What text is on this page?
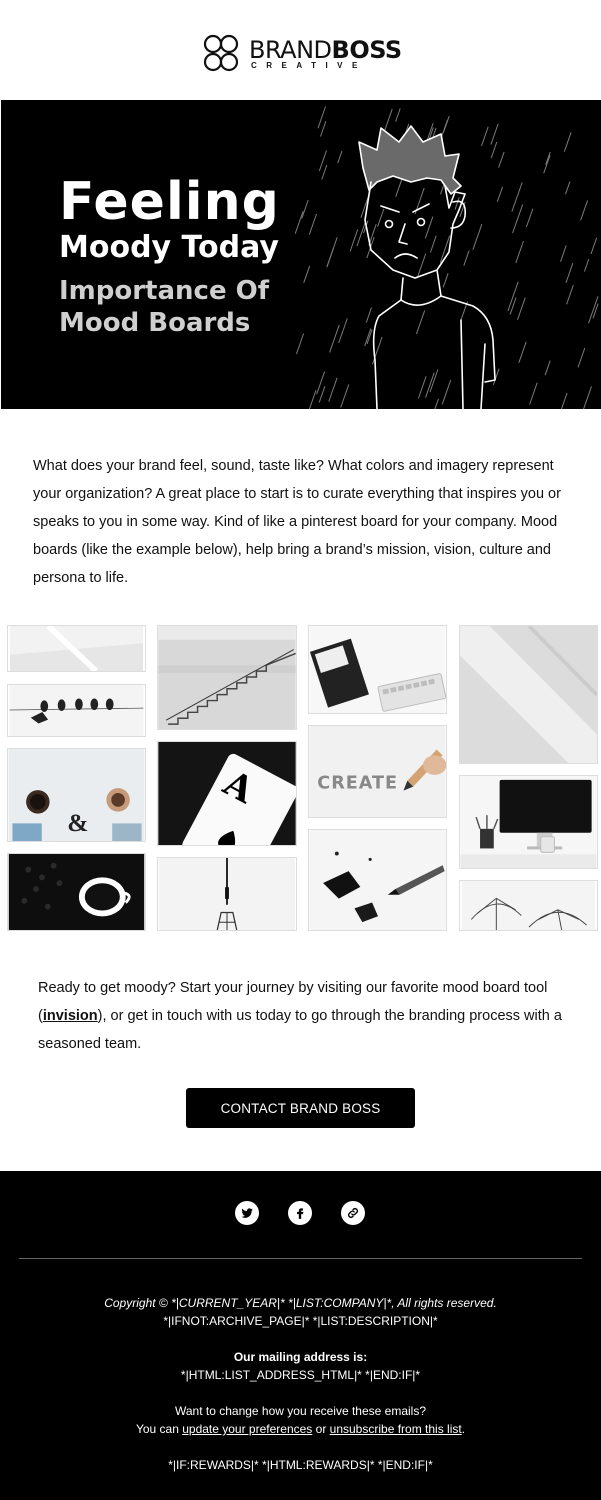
BRANDBOSS
CREATIVE
Feeling
Moody Today
Importance Of Mood Boards

What does your brand feel, sound, taste like? What colors and imagery represent your organization? A great place to start is to curate everything that inspires you or speaks to you in some way. Kind of like a pinterest board for your company. Mood boards (like the example below), help bring a brand’s mission, vision, culture and persona to life.

&
A	CREATE

Ready to get moody? Start your journey by visiting our favorite mood board tool (invision), or get in touch with us today to go through the branding process with a seasoned team.

CONTACT BRAND BOSS
Copyright © *|CURRENT_YEAR|* *|LIST:COMPANY|*, All rights reserved.
*|IFNOT:ARCHIVE_PAGE|* *|LIST:DESCRIPTION|*
Our mailing address is:
*|HTML:LIST_ADDRESS_HTML|* *|END:IF|*
Want to change how you receive these emails?
You can update your preferences or unsubscribe from this list.
*|IF:REWARDS|* *|HTML:REWARDS|* *|END:IF|*
